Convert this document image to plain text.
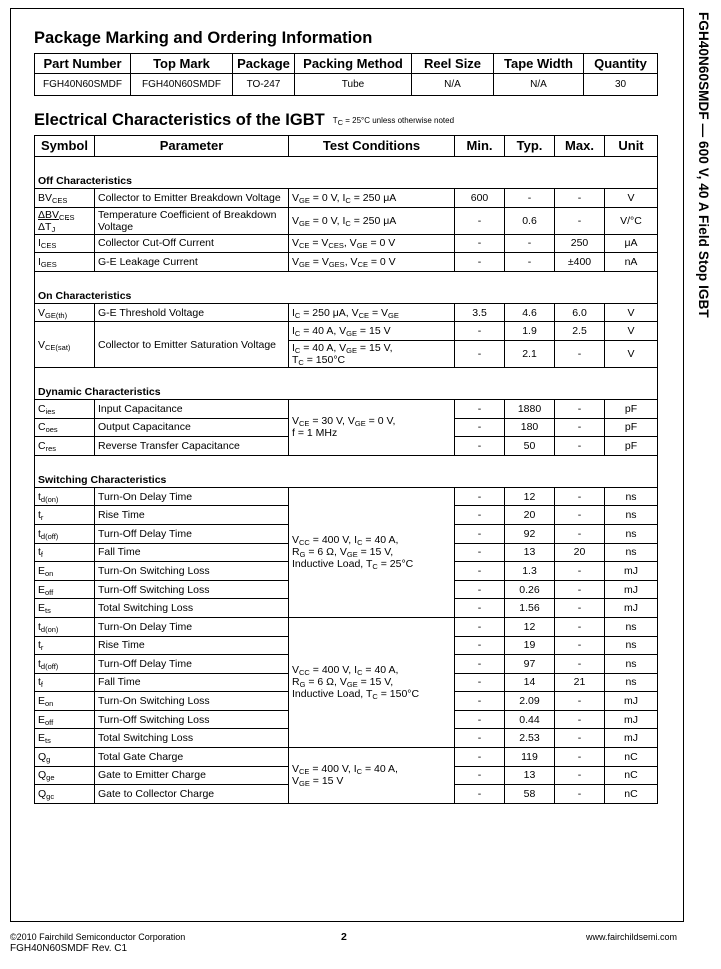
FGH40N60SMDF — 600 V, 40 A Field Stop IGBT
Package Marking and Ordering Information
Part Number	Top Mark	Package	Packing Method	Reel Size	Tape Width	Quantity
FGH40N60SMDF	FGH40N60SMDF	TO-247	Tube	N/A	N/A	30
Electrical Characteristics of the IGBT $T_C = 25^\circ C$ unless otherwise noted
Symbol	Parameter	Test Conditions	Min.	Typ.	Max.	Unit
Off Characteristics						
$BV_{CES}$	Collector to Emitter Breakdown Voltage	$V_{GE} = 0$ V, $I_C = 250$ μA	600	-	-	V
$\Delta BV_{CES}$
$\Delta T_J$	Temperature Coefficient of Breakdown Voltage	$V_{GE} = 0$ V, $I_C = 250$ μA	-	0.6	-	V/°C
$I_{CES}$	Collector Cut-Off Current	$V_{CE} = V_{CES}$, $V_{GE} = 0$ V	-	-	250	μA
$I_{GES}$	G-E Leakage Current	$V_{GE} = V_{GES}$, $V_{CE} = 0$ V	-	-	±400	nA
On Characteristics						
$V_{GE(th)}$	G-E Threshold Voltage	$I_C = 250$ μA, $V_{CE} = V_{GE}$	3.5	4.6	6.0	V
$V_{CE(sat)}$	Collector to Emitter Saturation Voltage	$I_C = 40$ A, $V_{GE} = 15$ V	-	1.9	2.5	V
		$I_C = 40$ A, $V_{GE} = 15$ V,
$T_C = 150^\circ C$	-	2.1	-	V
Dynamic Characteristics						
$C_{ies}$	Input Capacitance	$V_{CE} = 30$ V, $V_{GE} = 0$ V,
f = 1 MHz	-	1880	-	pF
$C_{oes}$	Output Capacitance		-	180	-	pF
$C_{res}$	Reverse Transfer Capacitance		-	50	-	pF
Switching Characteristics						
$t_{d(on)}$	Turn-On Delay Time	$V_{CC} = 400$ V, $I_C = 40$ A,
$R_G = 6$ Ω, $V_{GE} = 15$ V,
Inductive Load, $T_C = 25^\circ C$	-	12	-	ns
$t_r$	Rise Time		-	20	-	ns
$t_{d(off)}$	Turn-Off Delay Time		-	92	-	ns
$t_f$	Fall Time		-	13	20	ns
$E_{on}$	Turn-On Switching Loss		-	1.3	-	mJ
$E_{off}$	Turn-Off Switching Loss		-	0.26	-	mJ
$E_{ts}$	Total Switching Loss		-	1.56	-	mJ
$t_{d(on)}$	Turn-On Delay Time	$V_{CC} = 400$ V, $I_C = 40$ A,
$R_G = 6$ Ω, $V_{GE} = 15$ V,
Inductive Load, $T_C = 150^\circ C$	-	12	-	ns
$t_r$	Rise Time		-	19	-	ns
$t_{d(off)}$	Turn-Off Delay Time		-	97	-	ns
$t_f$	Fall Time		-	14	21	ns
$E_{on}$	Turn-On Switching Loss		-	2.09	-	mJ
$E_{off}$	Turn-Off Switching Loss		-	0.44	-	mJ
$E_{ts}$	Total Switching Loss		-	2.53	-	mJ
$Q_g$	Total Gate Charge	$V_{CE} = 400$ V, $I_C = 40$ A,
$V_{GE} = 15$ V	-	119	-	nC
$Q_{ge}$	Gate to Emitter Charge		-	13	-	nC
$Q_{gc}$	Gate to Collector Charge		-	58	-	nC
©2010 Fairchild Semiconductor Corporation
FGH40N60SMDF Rev. C1
2	www.fairchildsemi.com
